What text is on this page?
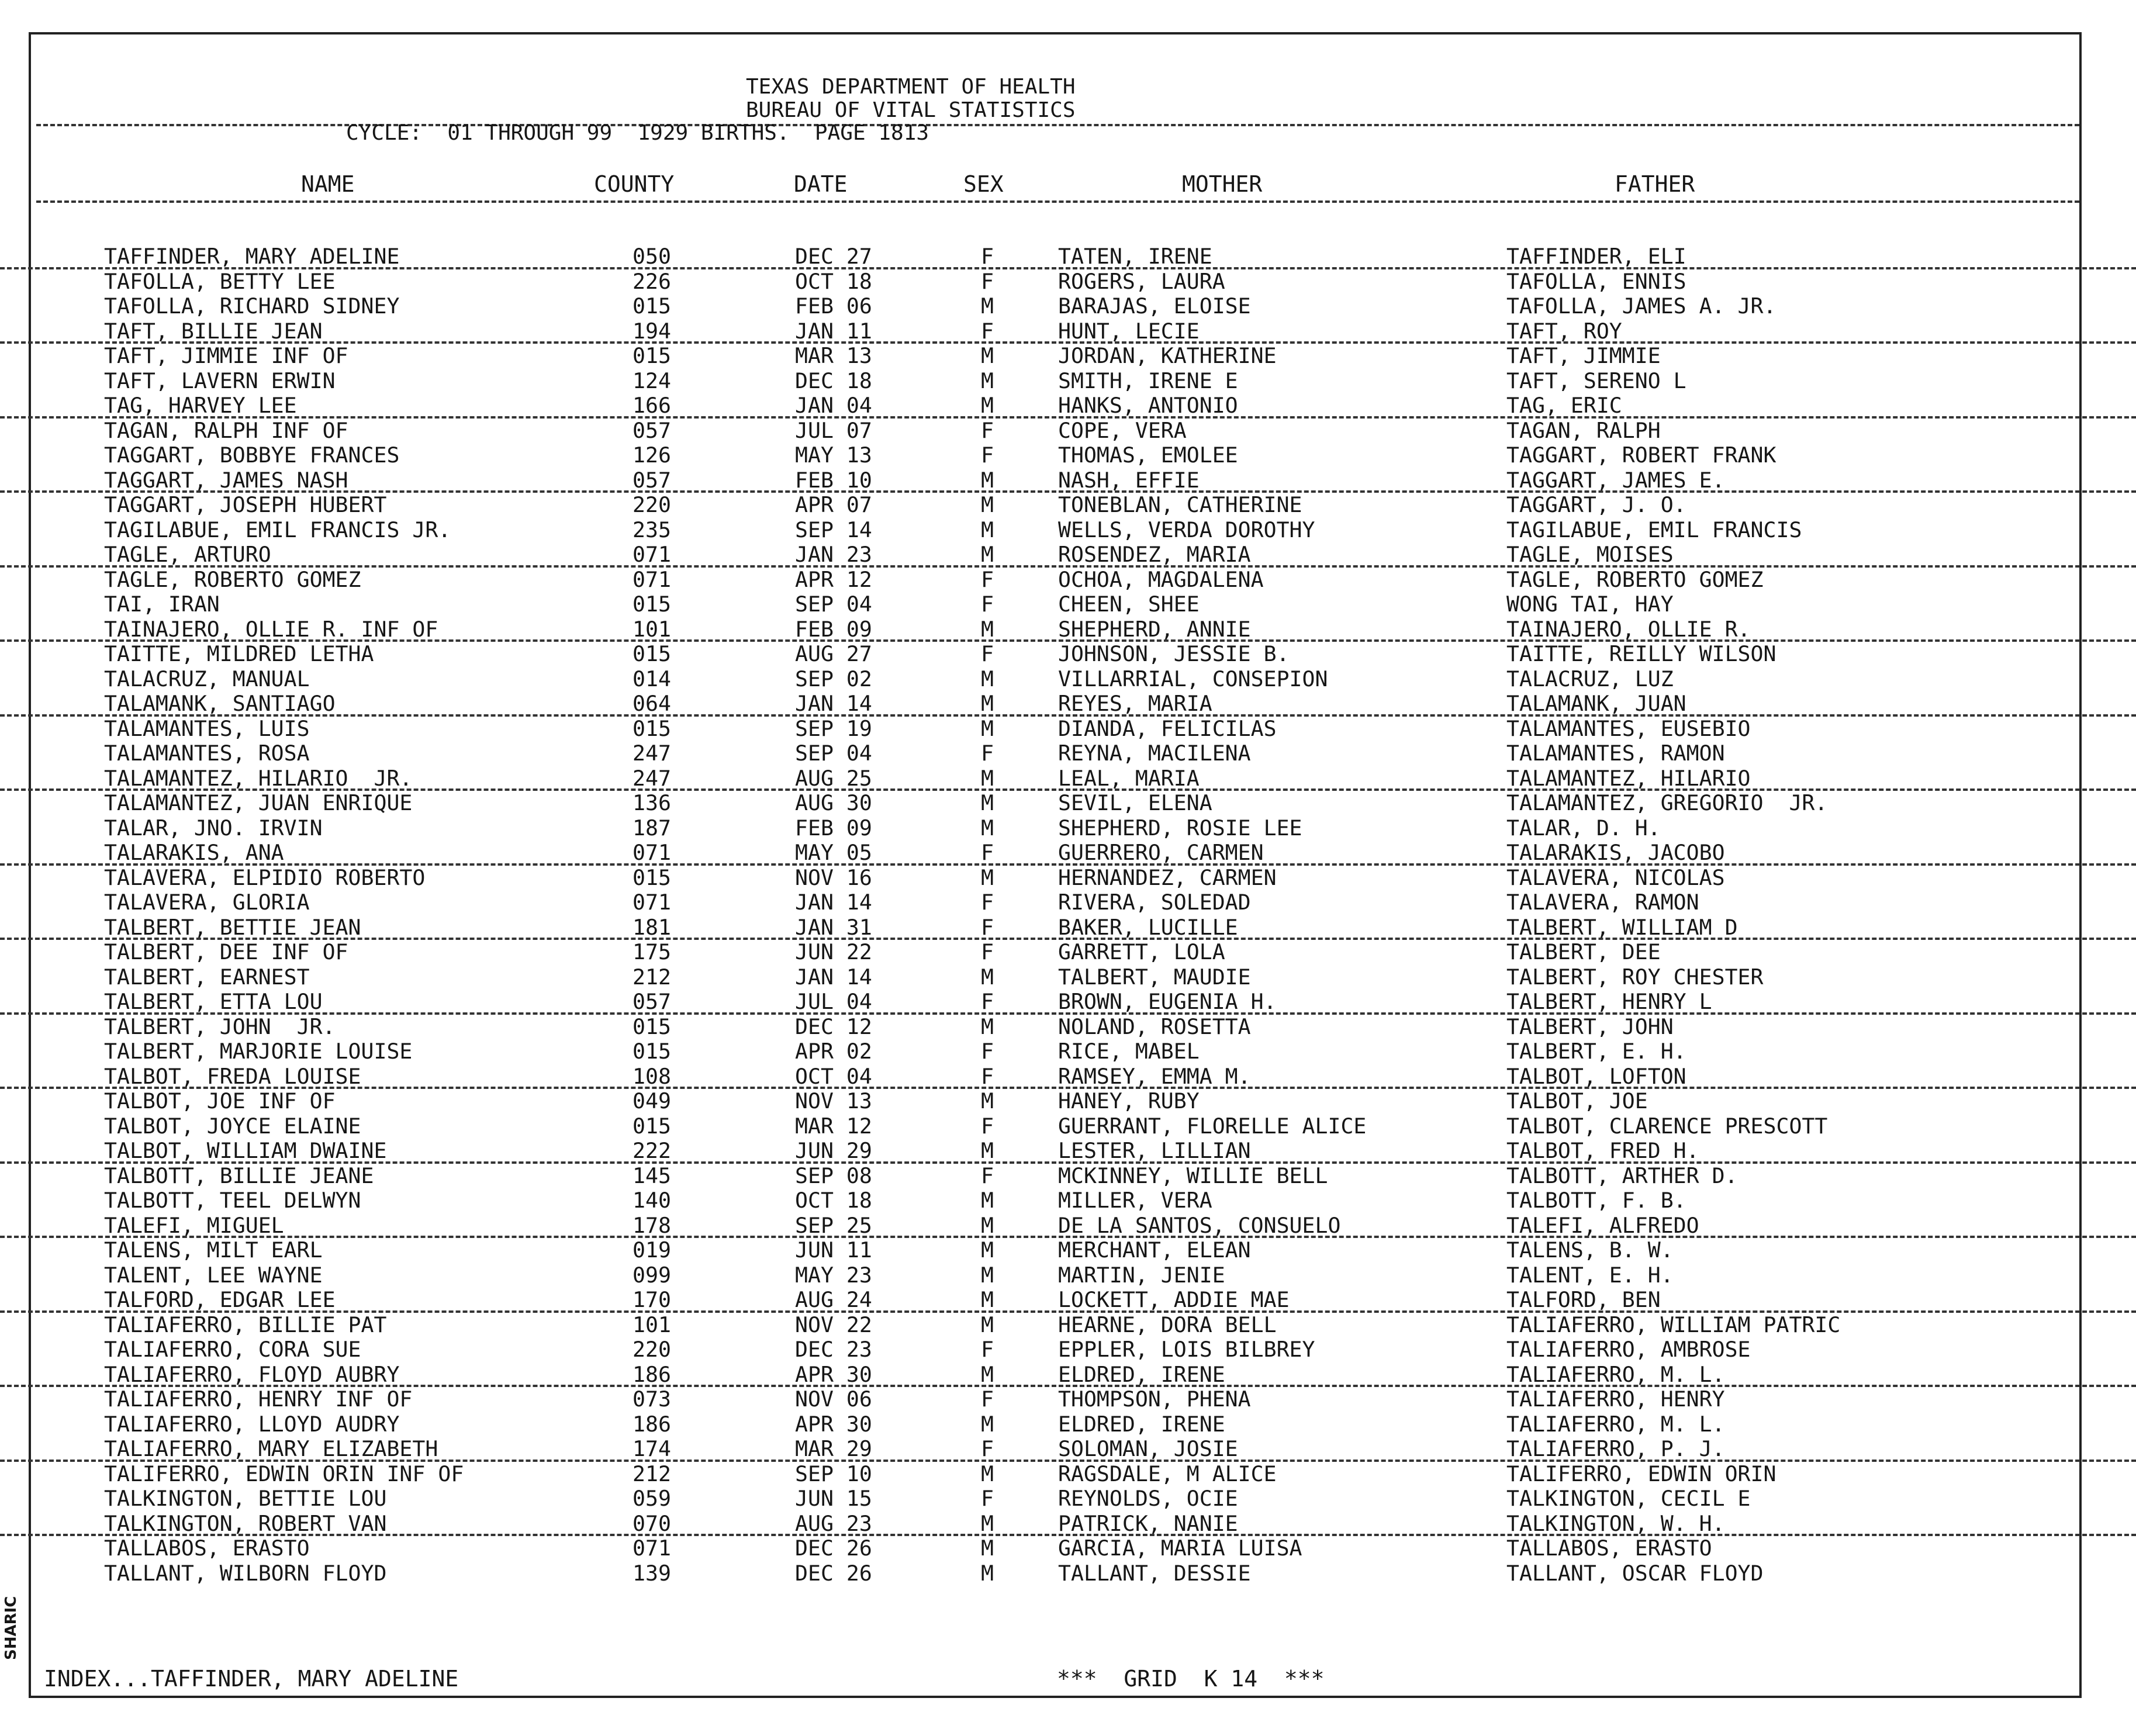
TEXAS DEPARTMENT OF HEALTH
BUREAU OF VITAL STATISTICS
CYCLE:  01 THROUGH 99  1929 BIRTHS.  PAGE 1813
NAME	COUNTY	DATE	SEX	MOTHER	FATHER
TAFFINDER, MARY ADELINE	050	DEC 27	F	TATEN, IRENE	TAFFINDER, ELI
TAFOLLA, BETTY LEE	226	OCT 18	F	ROGERS, LAURA	TAFOLLA, ENNIS
TAFOLLA, RICHARD SIDNEY	015	FEB 06	M	BARAJAS, ELOISE	TAFOLLA, JAMES A. JR.
TAFT, BILLIE JEAN	194	JAN 11	F	HUNT, LECIE	TAFT, ROY
TAFT, JIMMIE INF OF	015	MAR 13	M	JORDAN, KATHERINE	TAFT, JIMMIE
TAFT, LAVERN ERWIN	124	DEC 18	M	SMITH, IRENE E	TAFT, SERENO L
TAG, HARVEY LEE	166	JAN 04	M	HANKS, ANTONIO	TAG, ERIC
TAGAN, RALPH INF OF	057	JUL 07	F	COPE, VERA	TAGAN, RALPH
TAGGART, BOBBYE FRANCES	126	MAY 13	F	THOMAS, EMOLEE	TAGGART, ROBERT FRANK
TAGGART, JAMES NASH	057	FEB 10	M	NASH, EFFIE	TAGGART, JAMES E.
TAGGART, JOSEPH HUBERT	220	APR 07	M	TONEBLAN, CATHERINE	TAGGART, J. O.
TAGILABUE, EMIL FRANCIS JR.	235	SEP 14	M	WELLS, VERDA DOROTHY	TAGILABUE, EMIL FRANCIS
TAGLE, ARTURO	071	JAN 23	M	ROSENDEZ, MARIA	TAGLE, MOISES
TAGLE, ROBERTO GOMEZ	071	APR 12	F	OCHOA, MAGDALENA	TAGLE, ROBERTO GOMEZ
TAI, IRAN	015	SEP 04	F	CHEEN, SHEE	WONG TAI, HAY
TAINAJERO, OLLIE R. INF OF	101	FEB 09	M	SHEPHERD, ANNIE	TAINAJERO, OLLIE R.
TAITTE, MILDRED LETHA	015	AUG 27	F	JOHNSON, JESSIE B.	TAITTE, REILLY WILSON
TALACRUZ, MANUAL	014	SEP 02	M	VILLARRIAL, CONSEPION	TALACRUZ, LUZ
TALAMANK, SANTIAGO	064	JAN 14	M	REYES, MARIA	TALAMANK, JUAN
TALAMANTES, LUIS	015	SEP 19	M	DIANDA, FELICILAS	TALAMANTES, EUSEBIO
TALAMANTES, ROSA	247	SEP 04	F	REYNA, MACILENA	TALAMANTES, RAMON
TALAMANTEZ, HILARIO  JR.	247	AUG 25	M	LEAL, MARIA	TALAMANTEZ, HILARIO
TALAMANTEZ, JUAN ENRIQUE	136	AUG 30	M	SEVIL, ELENA	TALAMANTEZ, GREGORIO  JR.
TALAR, JNO. IRVIN	187	FEB 09	M	SHEPHERD, ROSIE LEE	TALAR, D. H.
TALARAKIS, ANA	071	MAY 05	F	GUERRERO, CARMEN	TALARAKIS, JACOBO
TALAVERA, ELPIDIO ROBERTO	015	NOV 16	M	HERNANDEZ, CARMEN	TALAVERA, NICOLAS
TALAVERA, GLORIA	071	JAN 14	F	RIVERA, SOLEDAD	TALAVERA, RAMON
TALBERT, BETTIE JEAN	181	JAN 31	F	BAKER, LUCILLE	TALBERT, WILLIAM D
TALBERT, DEE INF OF	175	JUN 22	F	GARRETT, LOLA	TALBERT, DEE
TALBERT, EARNEST	212	JAN 14	M	TALBERT, MAUDIE	TALBERT, ROY CHESTER
TALBERT, ETTA LOU	057	JUL 04	F	BROWN, EUGENIA H.	TALBERT, HENRY L
TALBERT, JOHN  JR.	015	DEC 12	M	NOLAND, ROSETTA	TALBERT, JOHN
TALBERT, MARJORIE LOUISE	015	APR 02	F	RICE, MABEL	TALBERT, E. H.
TALBOT, FREDA LOUISE	108	OCT 04	F	RAMSEY, EMMA M.	TALBOT, LOFTON
TALBOT, JOE INF OF	049	NOV 13	M	HANEY, RUBY	TALBOT, JOE
TALBOT, JOYCE ELAINE	015	MAR 12	F	GUERRANT, FLORELLE ALICE	TALBOT, CLARENCE PRESCOTT
TALBOT, WILLIAM DWAINE	222	JUN 29	M	LESTER, LILLIAN	TALBOT, FRED H.
TALBOTT, BILLIE JEANE	145	SEP 08	F	MCKINNEY, WILLIE BELL	TALBOTT, ARTHER D.
TALBOTT, TEEL DELWYN	140	OCT 18	M	MILLER, VERA	TALBOTT, F. B.
TALEFI, MIGUEL	178	SEP 25	M	DE LA SANTOS, CONSUELO	TALEFI, ALFREDO
TALENS, MILT EARL	019	JUN 11	M	MERCHANT, ELEAN	TALENS, B. W.
TALENT, LEE WAYNE	099	MAY 23	M	MARTIN, JENIE	TALENT, E. H.
TALFORD, EDGAR LEE	170	AUG 24	M	LOCKETT, ADDIE MAE	TALFORD, BEN
TALIAFERRO, BILLIE PAT	101	NOV 22	M	HEARNE, DORA BELL	TALIAFERRO, WILLIAM PATRIC
TALIAFERRO, CORA SUE	220	DEC 23	F	EPPLER, LOIS BILBREY	TALIAFERRO, AMBROSE
TALIAFERRO, FLOYD AUBRY	186	APR 30	M	ELDRED, IRENE	TALIAFERRO, M. L.
TALIAFERRO, HENRY INF OF	073	NOV 06	F	THOMPSON, PHENA	TALIAFERRO, HENRY
TALIAFERRO, LLOYD AUDRY	186	APR 30	M	ELDRED, IRENE	TALIAFERRO, M. L.
TALIAFERRO, MARY ELIZABETH	174	MAR 29	F	SOLOMAN, JOSIE	TALIAFERRO, P. J.
TALIFERRO, EDWIN ORIN INF OF	212	SEP 10	M	RAGSDALE, M ALICE	TALIFERRO, EDWIN ORIN
TALKINGTON, BETTIE LOU	059	JUN 15	F	REYNOLDS, OCIE	TALKINGTON, CECIL E
TALKINGTON, ROBERT VAN	070	AUG 23	M	PATRICK, NANIE	TALKINGTON, W. H.
TALLABOS, ERASTO	071	DEC 26	M	GARCIA, MARIA LUISA	TALLABOS, ERASTO
TALLANT, WILBORN FLOYD	139	DEC 26	M	TALLANT, DESSIE	TALLANT, OSCAR FLOYD
INDEX...TAFFINDER, MARY ADELINE	***  GRID  K 14  ***
SHARIC
